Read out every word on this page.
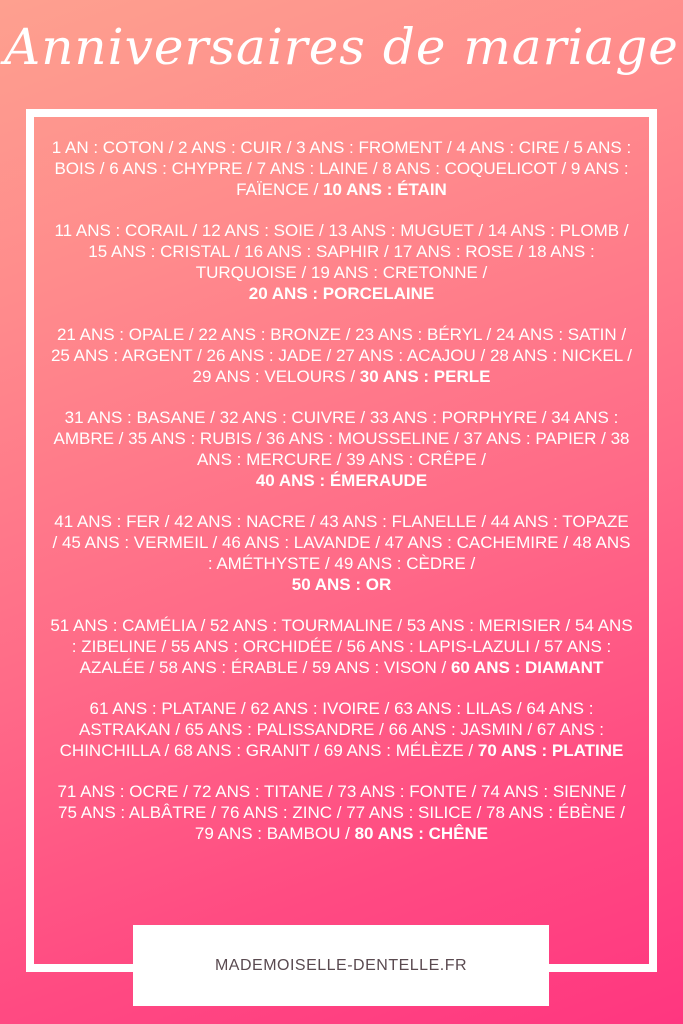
Anniversaires de mariage

1 AN : COTON / 2 ANS : CUIR / 3 ANS : FROMENT / 4 ANS : CIRE / 5 ANS : BOIS / 6 ANS : CHYPRE / 7 ANS : LAINE / 8 ANS : COQUELICOT / 9 ANS : FAÏENCE / 10 ANS : ÉTAIN

11 ANS : CORAIL / 12 ANS : SOIE / 13 ANS : MUGUET / 14 ANS : PLOMB / 15 ANS : CRISTAL / 16 ANS : SAPHIR / 17 ANS : ROSE / 18 ANS : TURQUOISE / 19 ANS : CRETONNE /
20 ANS : PORCELAINE

21 ANS : OPALE / 22 ANS : BRONZE / 23 ANS : BÉRYL / 24 ANS : SATIN / 25 ANS : ARGENT / 26 ANS : JADE / 27 ANS : ACAJOU / 28 ANS : NICKEL / 29 ANS : VELOURS / 30 ANS : PERLE

31 ANS : BASANE / 32 ANS : CUIVRE / 33 ANS : PORPHYRE / 34 ANS : AMBRE / 35 ANS : RUBIS / 36 ANS : MOUSSELINE / 37 ANS : PAPIER / 38 ANS : MERCURE / 39 ANS : CRÊPE /
40 ANS : ÉMERAUDE

41 ANS : FER / 42 ANS : NACRE / 43 ANS : FLANELLE / 44 ANS : TOPAZE / 45 ANS : VERMEIL / 46 ANS : LAVANDE / 47 ANS : CACHEMIRE / 48 ANS : AMÉTHYSTE / 49 ANS : CÈDRE /
50 ANS : OR

51 ANS : CAMÉLIA / 52 ANS : TOURMALINE / 53 ANS : MERISIER / 54 ANS : ZIBELINE / 55 ANS : ORCHIDÉE / 56 ANS : LAPIS-LAZULI / 57 ANS : AZALÉE / 58 ANS : ÉRABLE / 59 ANS : VISON / 60 ANS : DIAMANT

61 ANS : PLATANE / 62 ANS : IVOIRE / 63 ANS : LILAS / 64 ANS : ASTRAKAN / 65 ANS : PALISSANDRE / 66 ANS : JASMIN / 67 ANS : CHINCHILLA / 68 ANS : GRANIT / 69 ANS : MÉLÈZE / 70 ANS : PLATINE

71 ANS : OCRE / 72 ANS : TITANE / 73 ANS : FONTE / 74 ANS : SIENNE / 75 ANS : ALBÂTRE / 76 ANS : ZINC / 77 ANS : SILICE / 78 ANS : ÉBÈNE / 79 ANS : BAMBOU / 80 ANS : CHÊNE

MADEMOISELLE-DENTELLE.FR
